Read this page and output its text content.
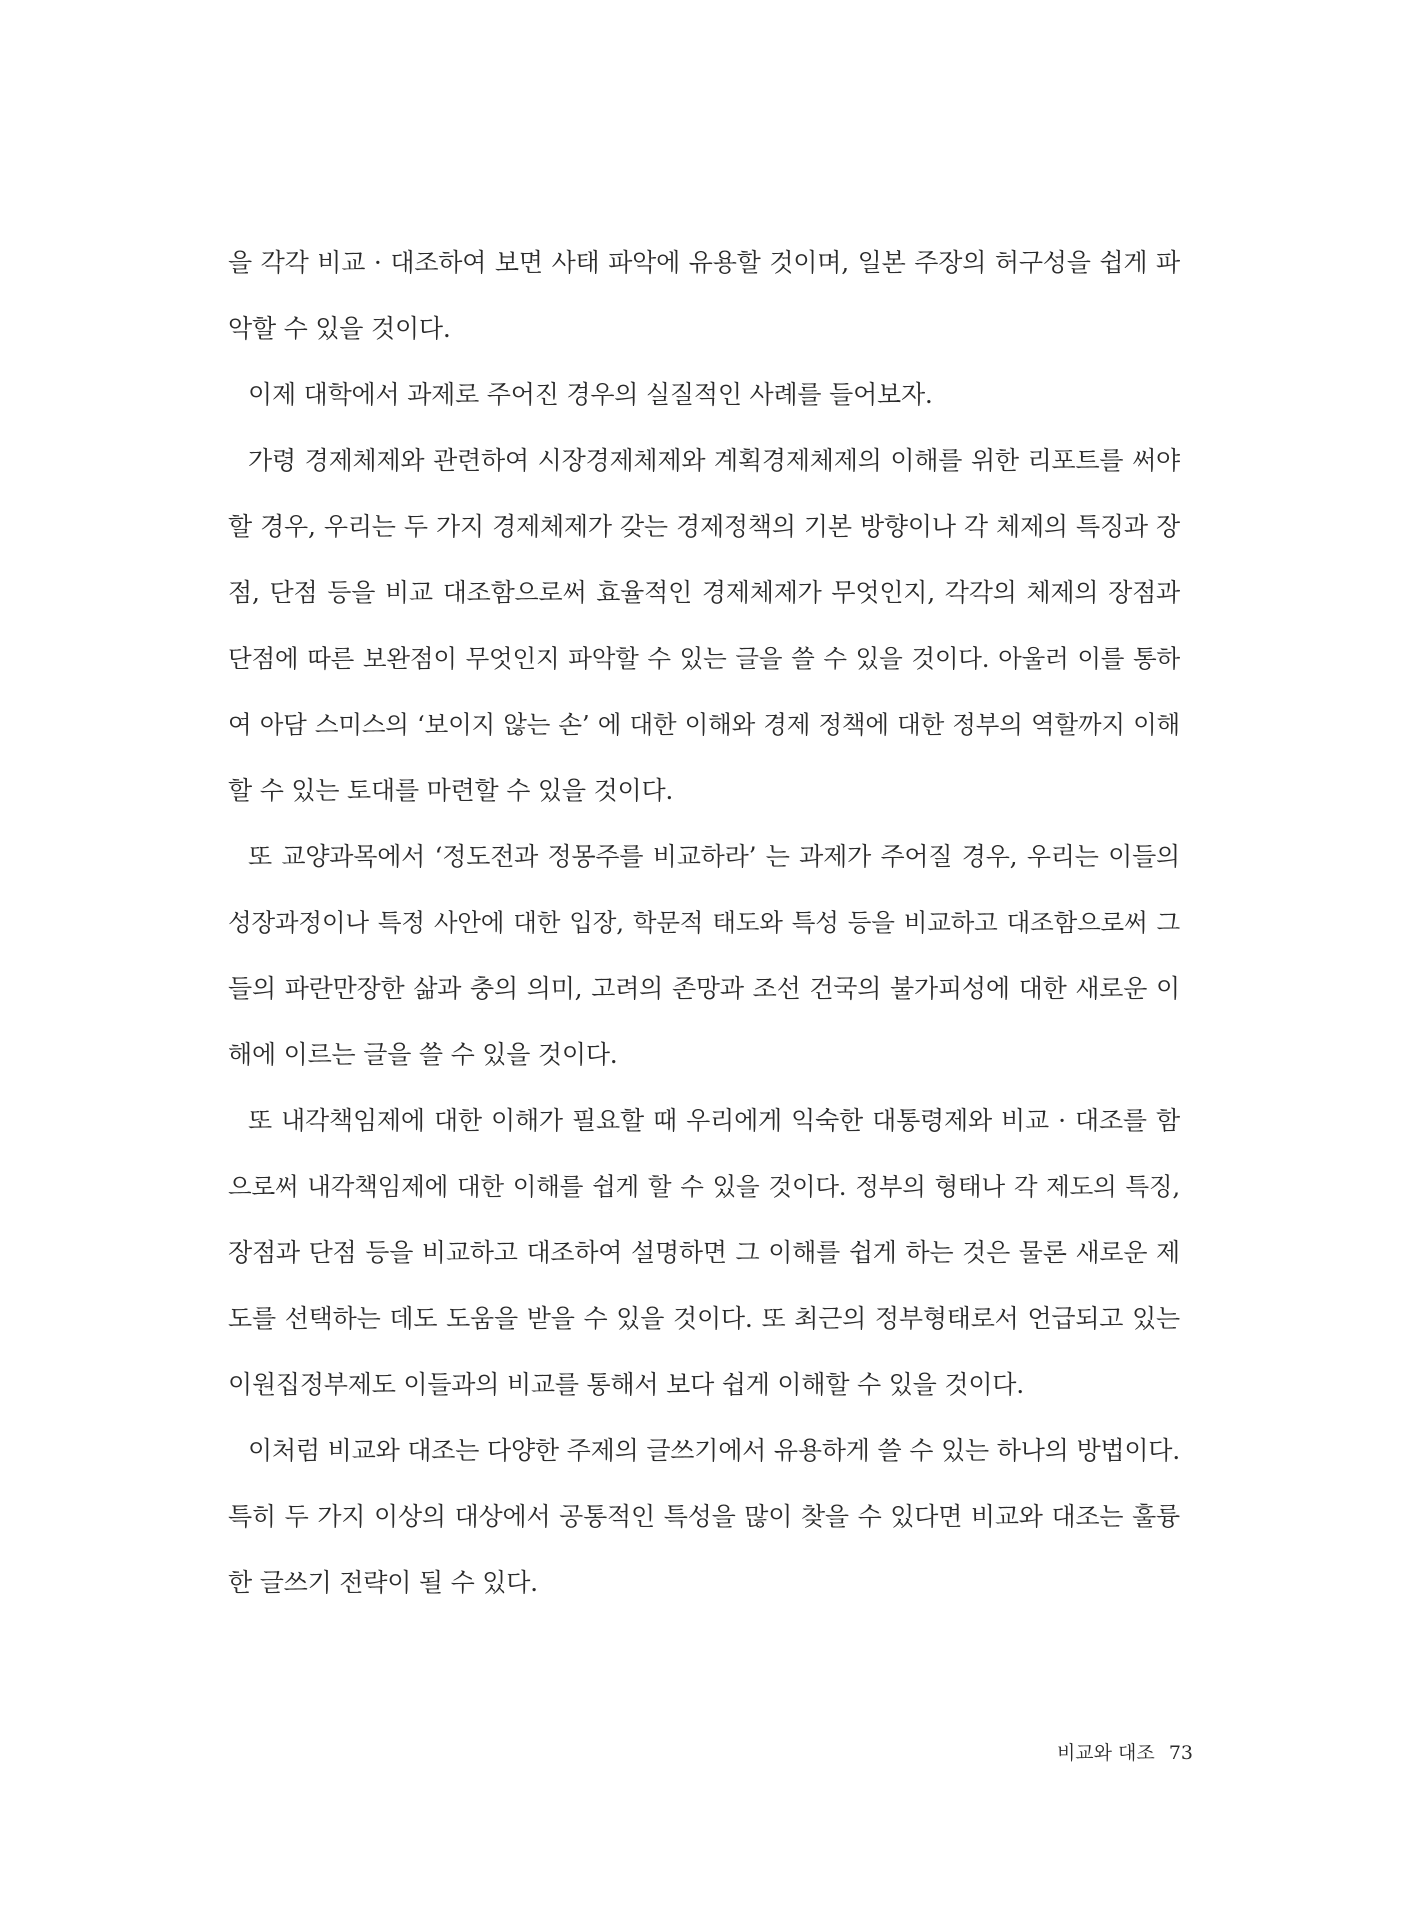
을 각각 비교 · 대조하여 보면 사태 파악에 유용할 것이며, 일본 주장의 허구성을 쉽게 파
악할 수 있을 것이다.
이제 대학에서 과제로 주어진 경우의 실질적인 사례를 들어보자.
가령 경제체제와 관련하여 시장경제체제와 계획경제체제의 이해를 위한 리포트를 써야
할 경우, 우리는 두 가지 경제체제가 갖는 경제정책의 기본 방향이나 각 체제의 특징과 장
점, 단점 등을 비교 대조함으로써 효율적인 경제체제가 무엇인지, 각각의 체제의 장점과
단점에 따른 보완점이 무엇인지 파악할 수 있는 글을 쓸 수 있을 것이다. 아울러 이를 통하
여 아담 스미스의 ‘보이지 않는 손’ 에 대한 이해와 경제 정책에 대한 정부의 역할까지 이해
할 수 있는 토대를 마련할 수 있을 것이다.
또 교양과목에서 ‘정도전과 정몽주를 비교하라’ 는 과제가 주어질 경우, 우리는 이들의
성장과정이나 특정 사안에 대한 입장, 학문적 태도와 특성 등을 비교하고 대조함으로써 그
들의 파란만장한 삶과 충의 의미, 고려의 존망과 조선 건국의 불가피성에 대한 새로운 이
해에 이르는 글을 쓸 수 있을 것이다.
또 내각책임제에 대한 이해가 필요할 때 우리에게 익숙한 대통령제와 비교 · 대조를 함
으로써 내각책임제에 대한 이해를 쉽게 할 수 있을 것이다. 정부의 형태나 각 제도의 특징,
장점과 단점 등을 비교하고 대조하여 설명하면 그 이해를 쉽게 하는 것은 물론 새로운 제
도를 선택하는 데도 도움을 받을 수 있을 것이다. 또 최근의 정부형태로서 언급되고 있는
이원집정부제도 이들과의 비교를 통해서 보다 쉽게 이해할 수 있을 것이다.
이처럼 비교와 대조는 다양한 주제의 글쓰기에서 유용하게 쓸 수 있는 하나의 방법이다.
특히 두 가지 이상의 대상에서 공통적인 특성을 많이 찾을 수 있다면 비교와 대조는 훌륭
한 글쓰기 전략이 될 수 있다.
비교와 대조 73
